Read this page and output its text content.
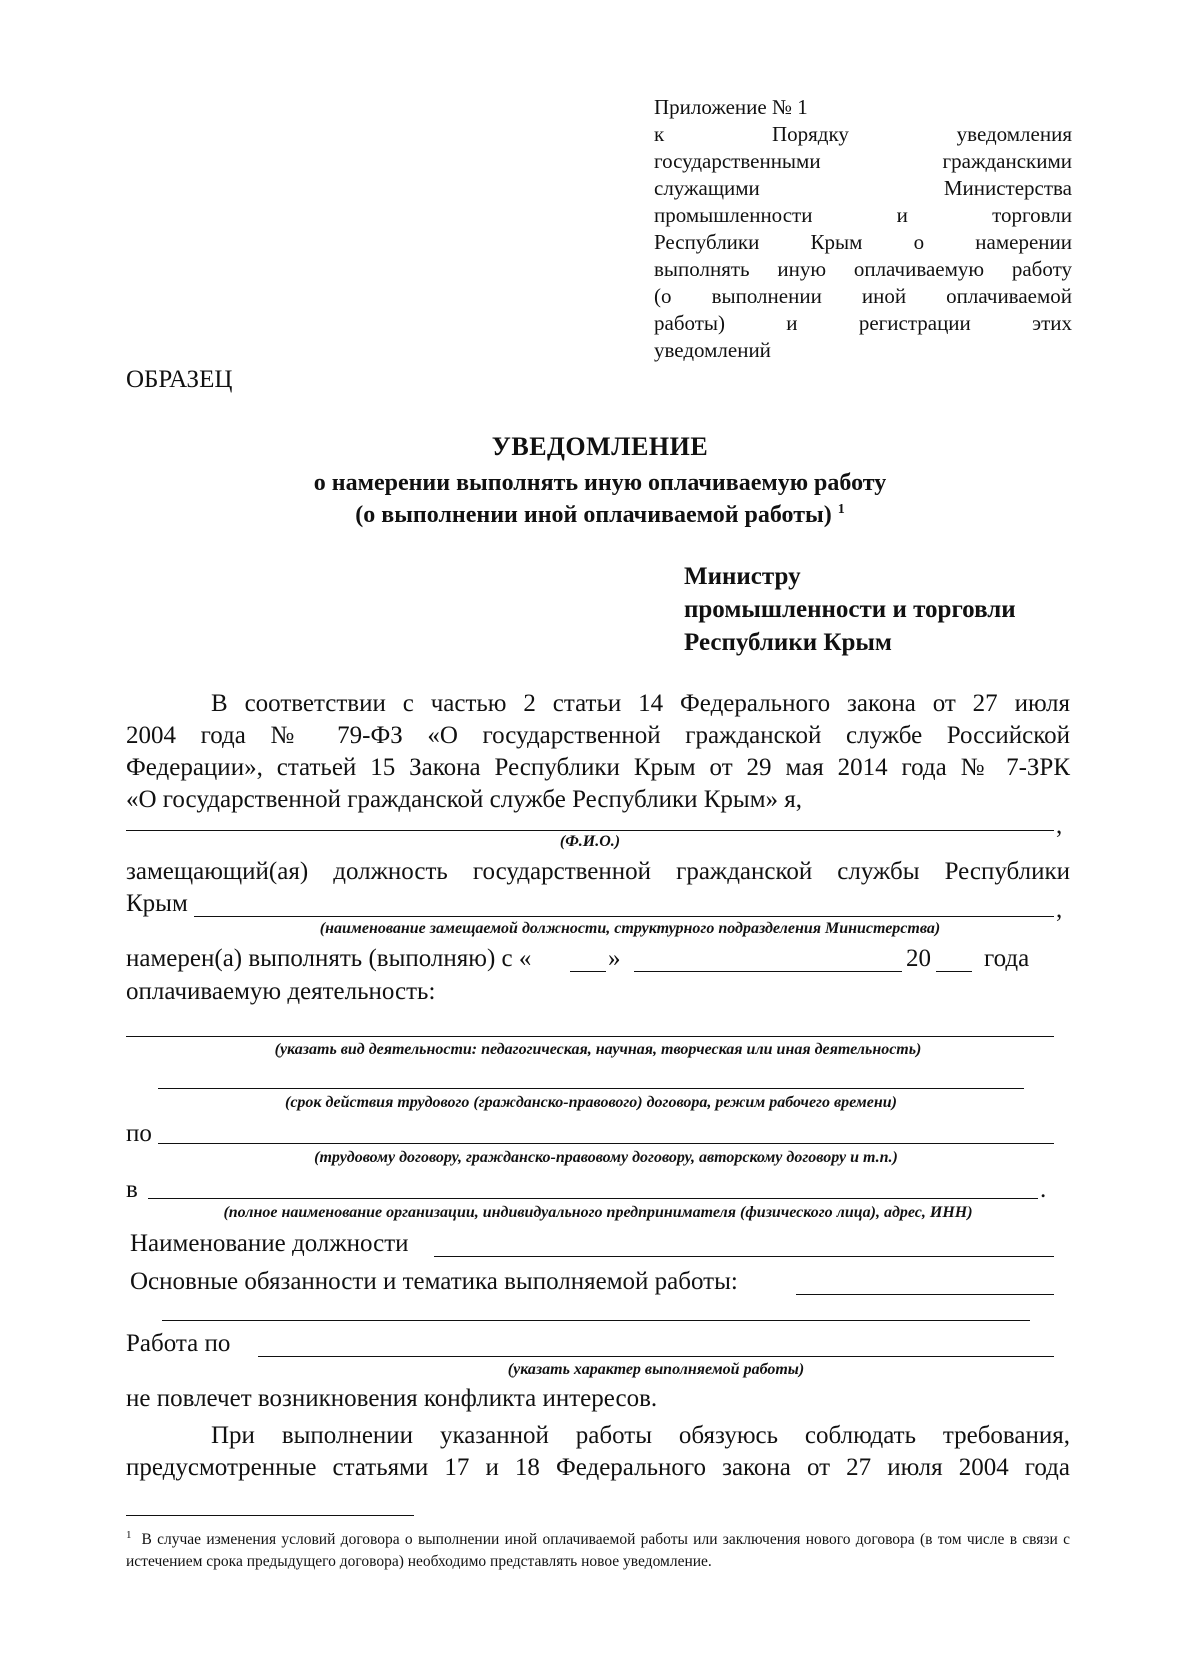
Приложение № 1
к Порядку уведомления
государственными гражданскими
служащими Министерства
промышленности и торговли
Республики Крым о намерении
выполнять иную оплачиваемую работу
(о выполнении иной оплачиваемой
работы) и регистрации этих
уведомлений
ОБРАЗЕЦ
УВЕДОМЛЕНИЕ
о намерении выполнять иную оплачиваемую работу
(о выполнении иной оплачиваемой работы) $^1$
Министру
промышленности и торговли
Республики Крым
В соответствии с частью 2 статьи 14 Федерального закона от 27 июля
2004 года № 79-ФЗ «О государственной гражданской службе Российской
Федерации», статьей 15 Закона Республики Крым от 29 мая 2014 года № 7-ЗРК
«О государственной гражданской службе Республики Крым» я,
,
(Ф.И.О.)
замещающий(ая) должность государственной гражданской службы Республики
Крым	,
(наименование замещаемой должности, структурного подразделения Министерства)
намерен(а) выполнять (выполняю) с «	»	20 года
оплачиваемую деятельность:
(указать вид деятельности: педагогическая, научная, творческая или иная деятельность)
(срок действия трудового (гражданско-правового) договора, режим рабочего времени)
по
(трудовому договору, гражданско-правовому договору, авторскому договору и т.п.)
в	.
(полное наименование организации, индивидуального предпринимателя (физического лица), адрес, ИНН)
Наименование должности
Основные обязанности и тематика выполняемой работы:
Работа по
(указать характер выполняемой работы)
не повлечет возникновения конфликта интересов.
При выполнении указанной работы обязуюсь соблюдать требования,
предусмотренные статьями 17 и 18 Федерального закона от 27 июля 2004 года
$^1$ В случае изменения условий договора о выполнении иной оплачиваемой работы или заключения нового договора (в том числе в связи с истечением срока предыдущего договора) необходимо представлять новое уведомление.
